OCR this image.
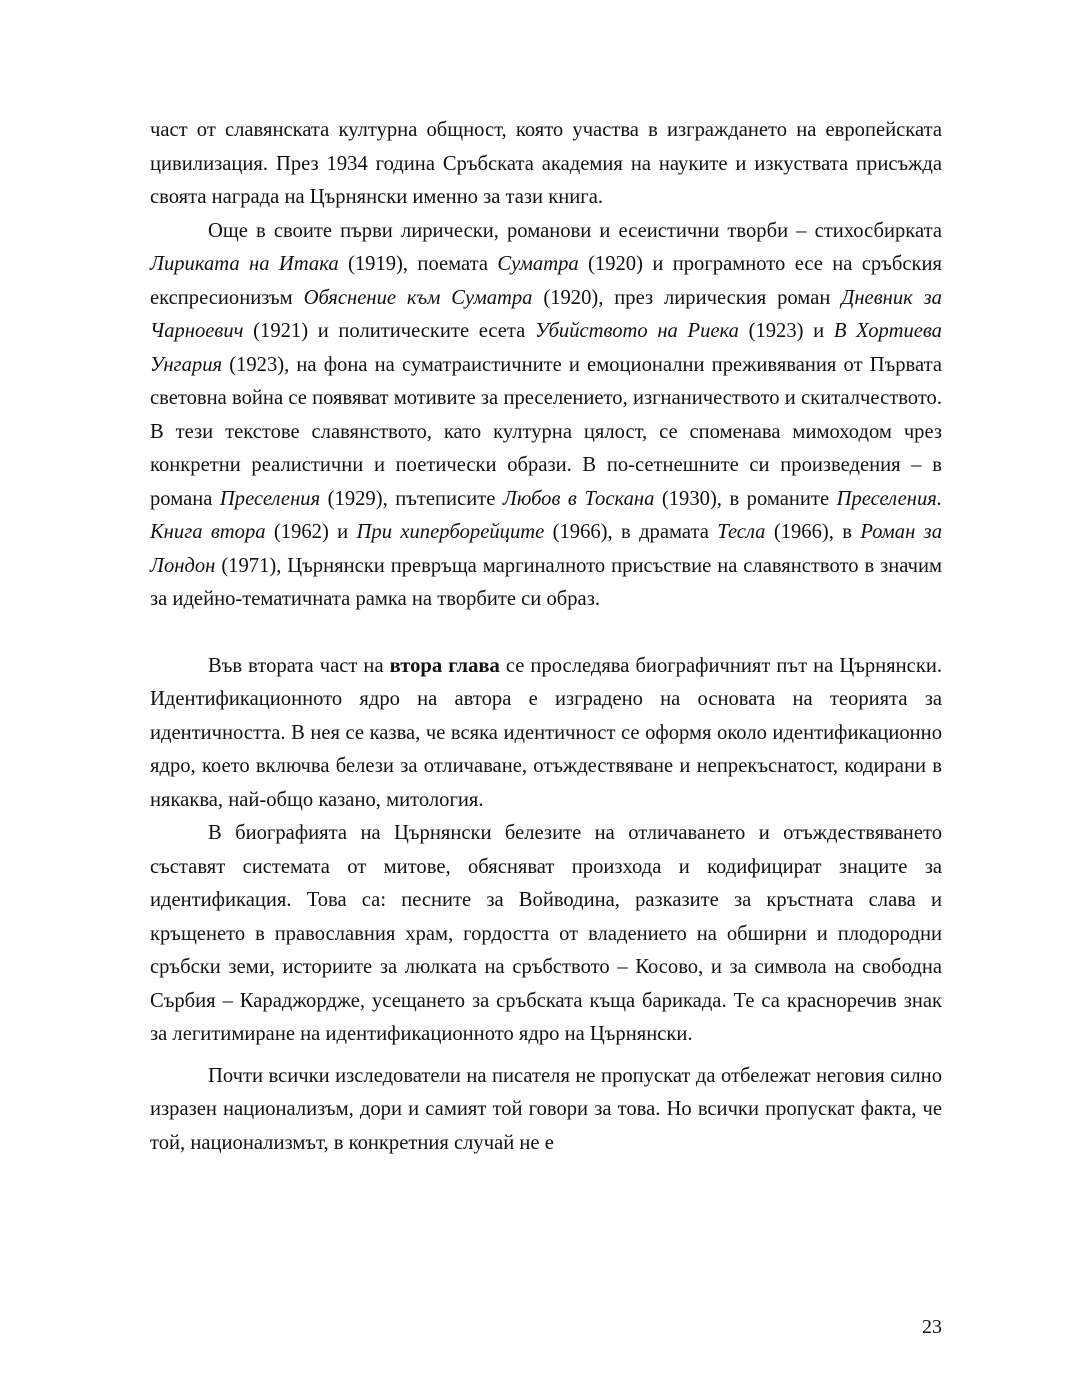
част от славянската културна общност, която участва в изграждането на европейската цивилизация. През 1934 година Сръбската академия на науките и изкуствата присъжда своята награда на Църнянски именно за тази книга.

Още в своите първи лирически, романови и есеистични творби – стихосбирката Лириката на Итака (1919), поемата Суматра (1920) и програмното есе на сръбския експресионизъм Обяснение към Суматра (1920), през лирическия роман Дневник за Чарноевич (1921) и политическите есета Убийството на Риека (1923) и В Хортиева Унгария (1923), на фона на суматраистичните и емоционални преживявания от Първата световна война се появяват мотивите за преселението, изгнаничеството и скиталчеството. В тези текстове славянството, като културна цялост, се споменава мимоходом чрез конкретни реалистични и поетически образи. В по-сетнешните си произведения – в романа Преселения (1929), пътеписите Любов в Тоскана (1930), в романите Преселения. Книга втора (1962) и При хиперборейците (1966), в драмата Тесла (1966), в Роман за Лондон (1971), Църнянски превръща маргиналното присъствие на славянството в значим за идейно-тематичната рамка на творбите си образ.

Във втората част на втора глава се проследява биографичният път на Църнянски. Идентификационното ядро на автора е изградено на основата на теорията за идентичността. В нея се казва, че всяка идентичност се оформя около идентификационно ядро, което включва белези за отличаване, отъждествяване и непрекъснатост, кодирани в някаква, най-общо казано, митология.

В биографията на Църнянски белезите на отличаването и отъждествяването съставят системата от митове, обясняват произхода и кодифицират знаците за идентификация. Това са: песните за Войводина, разказите за кръстната слава и кръщенето в православния храм, гордостта от владението на обширни и плодородни сръбски земи, историите за люлката на сръбството – Косово, и за символа на свободна Сърбия – Караджордже, усещането за сръбската къща барикада. Те са красноречив знак за легитимиране на идентификационното ядро на Църнянски.

Почти всички изследователи на писателя не пропускат да отбележат неговия силно изразен национализъм, дори и самият той говори за това. Но всички пропускат факта, че той, национализмът, в конкретния случай не е

23
